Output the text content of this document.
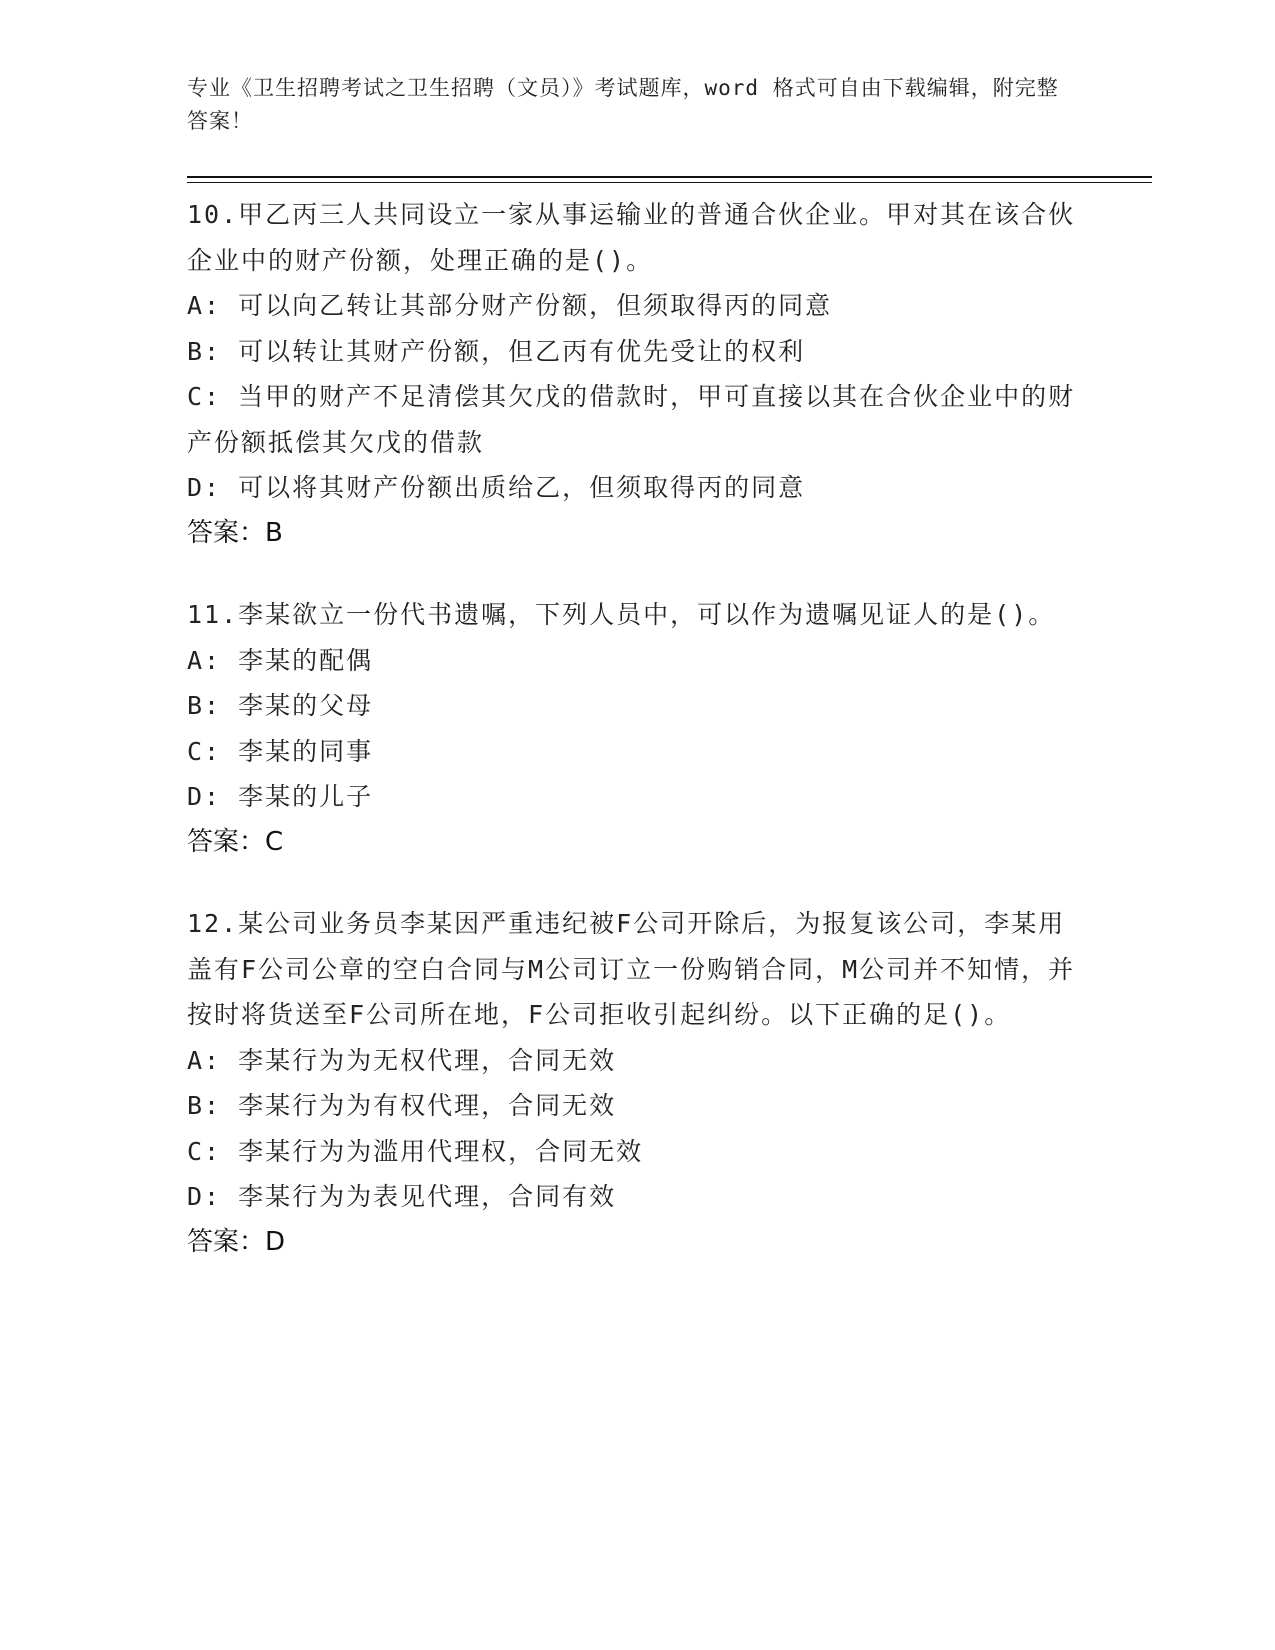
专业《卫生招聘考试之卫生招聘（文员）》考试题库，word 格式可自由下载编辑，附完整答案！
10.甲乙丙三人共同设立一家从事运输业的普通合伙企业。甲对其在该合伙企业中的财产份额，处理正确的是()。
A: 可以向乙转让其部分财产份额，但须取得丙的同意
B: 可以转让其财产份额，但乙丙有优先受让的权利
C: 当甲的财产不足清偿其欠戊的借款时，甲可直接以其在合伙企业中的财产份额抵偿其欠戊的借款
D: 可以将其财产份额出质给乙，但须取得丙的同意
答案：B
11.李某欲立一份代书遗嘱，下列人员中，可以作为遗嘱见证人的是()。
A: 李某的配偶
B: 李某的父母
C: 李某的同事
D: 李某的儿子
答案：C
12.某公司业务员李某因严重违纪被F公司开除后，为报复该公司，李某用盖有F公司公章的空白合同与M公司订立一份购销合同，M公司并不知情，并按时将货送至F公司所在地，F公司拒收引起纠纷。以下正确的足()。
A: 李某行为为无权代理，合同无效
B: 李某行为为有权代理，合同无效
C: 李某行为为滥用代理权，合同无效
D: 李某行为为表见代理，合同有效
答案：D
